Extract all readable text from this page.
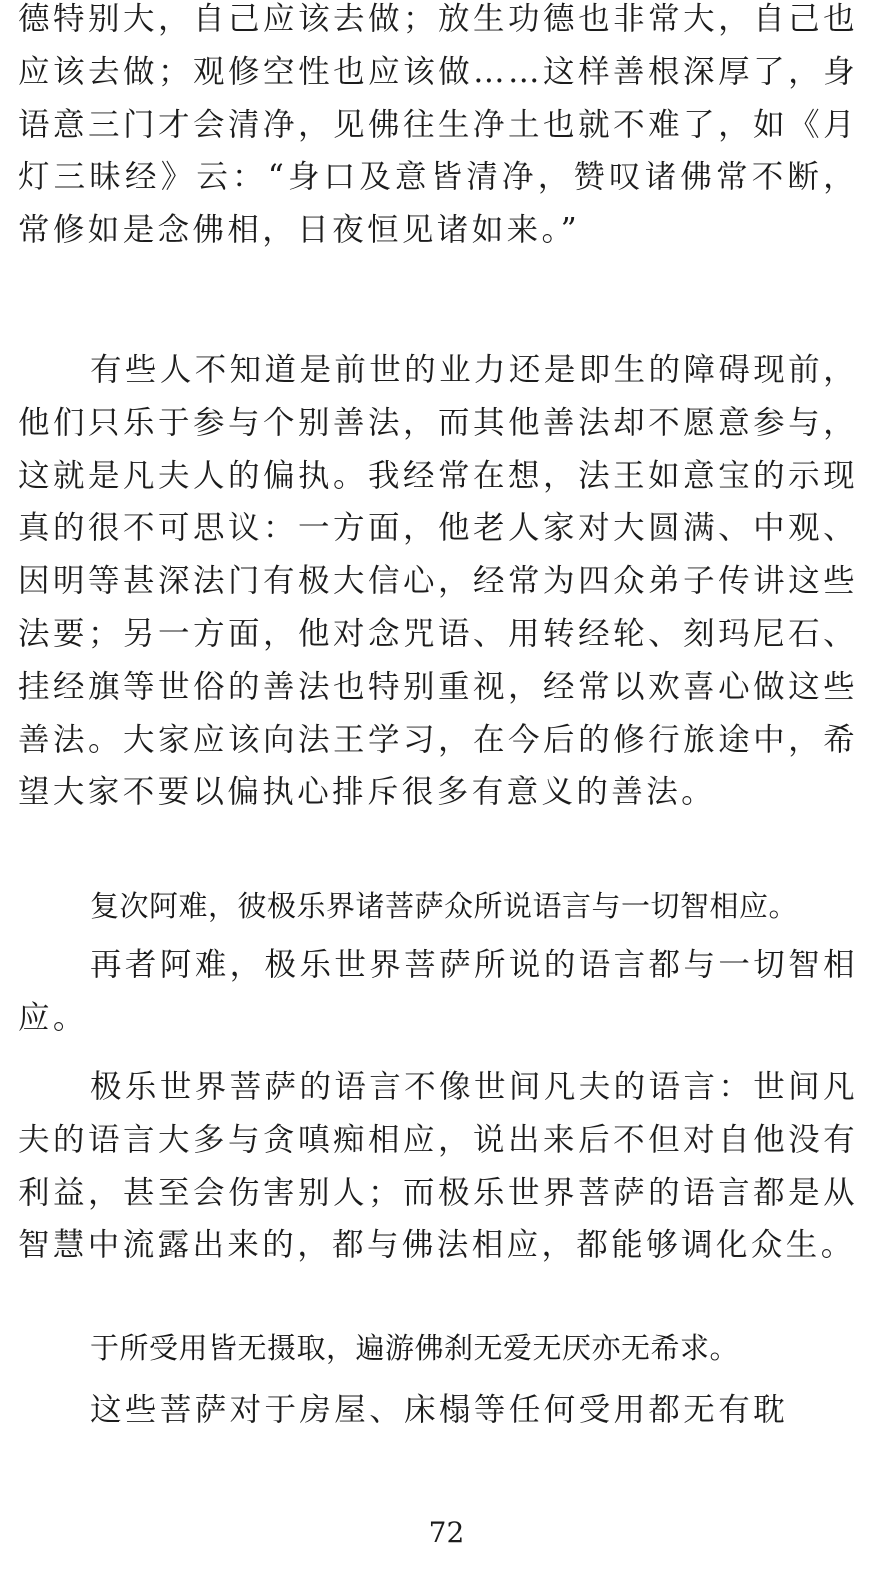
德特别大，自己应该去做；放生功德也非常大，自己也应该去做；观修空性也应该做……这样善根深厚了，身语意三门才会清净，见佛往生净土也就不难了，如《月灯三昧经》云：“身口及意皆清净，赞叹诸佛常不断，常修如是念佛相，日夜恒见诸如来。”

有些人不知道是前世的业力还是即生的障碍现前，他们只乐于参与个别善法，而其他善法却不愿意参与，这就是凡夫人的偏执。我经常在想，法王如意宝的示现真的很不可思议：一方面，他老人家对大圆满、中观、因明等甚深法门有极大信心，经常为四众弟子传讲这些法要；另一方面，他对念咒语、用转经轮、刻玛尼石、挂经旗等世俗的善法也特别重视，经常以欢喜心做这些善法。大家应该向法王学习，在今后的修行旅途中，希望大家不要以偏执心排斥很多有意义的善法。

复次阿难，彼极乐界诸菩萨众所说语言与一切智相应。

再者阿难，极乐世界菩萨所说的语言都与一切智相应。

极乐世界菩萨的语言不像世间凡夫的语言：世间凡夫的语言大多与贪嗔痴相应，说出来后不但对自他没有利益，甚至会伤害别人；而极乐世界菩萨的语言都是从智慧中流露出来的，都与佛法相应，都能够调化众生。

于所受用皆无摄取，遍游佛刹无爱无厌亦无希求。

这些菩萨对于房屋、床榻等任何受用都无有耽

72
